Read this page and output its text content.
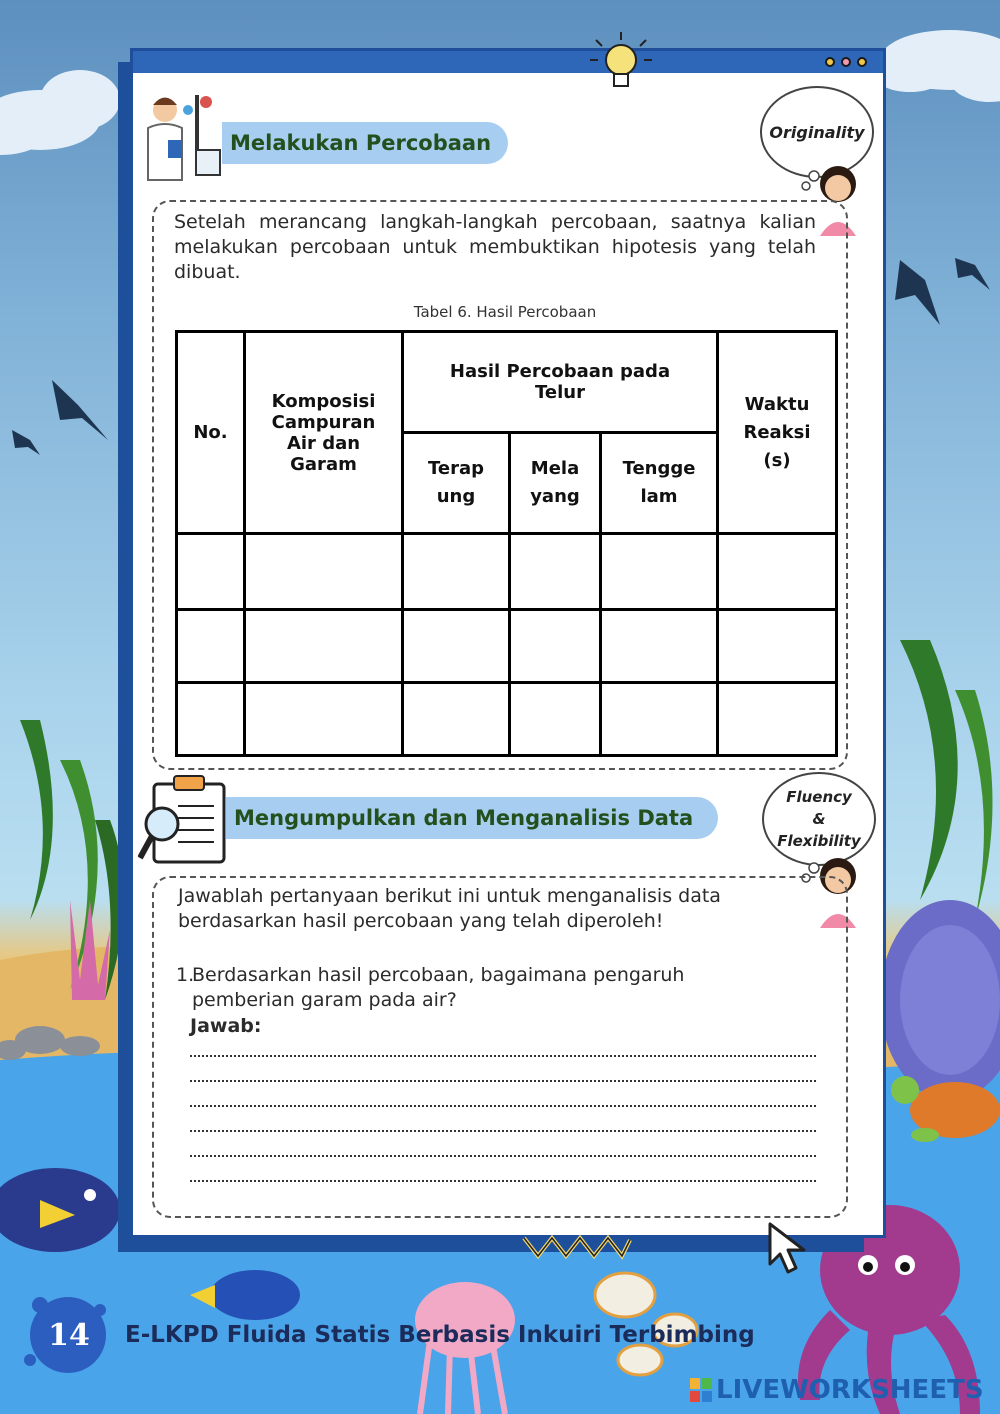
Melakukan Percobaan	Originality
Setelah merancang langkah-langkah percobaan, saatnya kalian melakukan percobaan untuk membuktikan hipotesis yang telah dibuat.
Tabel 6. Hasil Percobaan
No.	Komposisi Campuran Air dan Garam	Hasil Percobaan pada Telur			Waktu Reaksi (s)
		Terap ung	Mela yang	Tengge lam	

Mengumpulkan dan Menganalisis Data
Fluency
&
Flexibility
Jawablah pertanyaan berikut ini untuk menganalisis data berdasarkan hasil percobaan yang telah diperoleh!
1.
Berdasarkan hasil percobaan, bagaimana pengaruh pemberian garam pada air?
Jawab:
14 E-LKPD Fluida Statis Berbasis Inkuiri Terbimbing
LIVEWORKSHEETS
